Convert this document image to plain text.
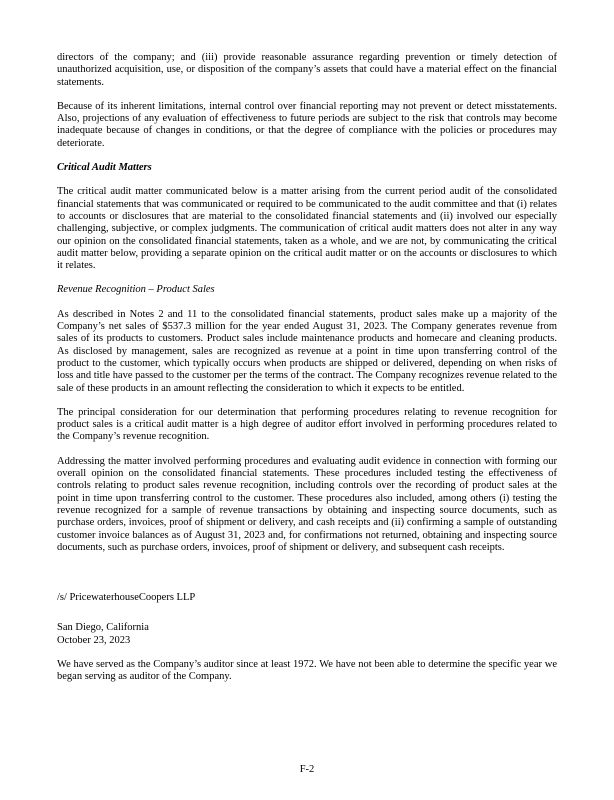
directors of the company; and (iii) provide reasonable assurance regarding prevention or timely detection of unauthorized acquisition, use, or disposition of the company’s assets that could have a material effect on the financial statements.

Because of its inherent limitations, internal control over financial reporting may not prevent or detect misstatements. Also, projections of any evaluation of effectiveness to future periods are subject to the risk that controls may become inadequate because of changes in conditions, or that the degree of compliance with the policies or procedures may deteriorate.

Critical Audit Matters

The critical audit matter communicated below is a matter arising from the current period audit of the consolidated financial statements that was communicated or required to be communicated to the audit committee and that (i) relates to accounts or disclosures that are material to the consolidated financial statements and (ii) involved our especially challenging, subjective, or complex judgments. The communication of critical audit matters does not alter in any way our opinion on the consolidated financial statements, taken as a whole, and we are not, by communicating the critical audit matter below, providing a separate opinion on the critical audit matter or on the accounts or disclosures to which it relates.

Revenue Recognition – Product Sales

As described in Notes 2 and 11 to the consolidated financial statements, product sales make up a majority of the Company’s net sales of $537.3 million for the year ended August 31, 2023. The Company generates revenue from sales of its products to customers. Product sales include maintenance products and homecare and cleaning products. As disclosed by management, sales are recognized as revenue at a point in time upon transferring control of the product to the customer, which typically occurs when products are shipped or delivered, depending on when risks of loss and title have passed to the customer per the terms of the contract. The Company recognizes revenue related to the sale of these products in an amount reflecting the consideration to which it expects to be entitled.

The principal consideration for our determination that performing procedures relating to revenue recognition for product sales is a critical audit matter is a high degree of auditor effort involved in performing procedures related to the Company’s revenue recognition.

Addressing the matter involved performing procedures and evaluating audit evidence in connection with forming our overall opinion on the consolidated financial statements. These procedures included testing the effectiveness of controls relating to product sales revenue recognition, including controls over the recording of product sales at the point in time upon transferring control to the customer. These procedures also included, among others (i) testing the revenue recognized for a sample of revenue transactions by obtaining and inspecting source documents, such as purchase orders, invoices, proof of shipment or delivery, and cash receipts and (ii) confirming a sample of outstanding customer invoice balances as of August 31, 2023 and, for confirmations not returned, obtaining and inspecting source documents, such as purchase orders, invoices, proof of shipment or delivery, and subsequent cash receipts.

/s/ PricewaterhouseCoopers LLP

San Diego, California

October 23, 2023

We have served as the Company’s auditor since at least 1972. We have not been able to determine the specific year we began serving as auditor of the Company.

F-2
